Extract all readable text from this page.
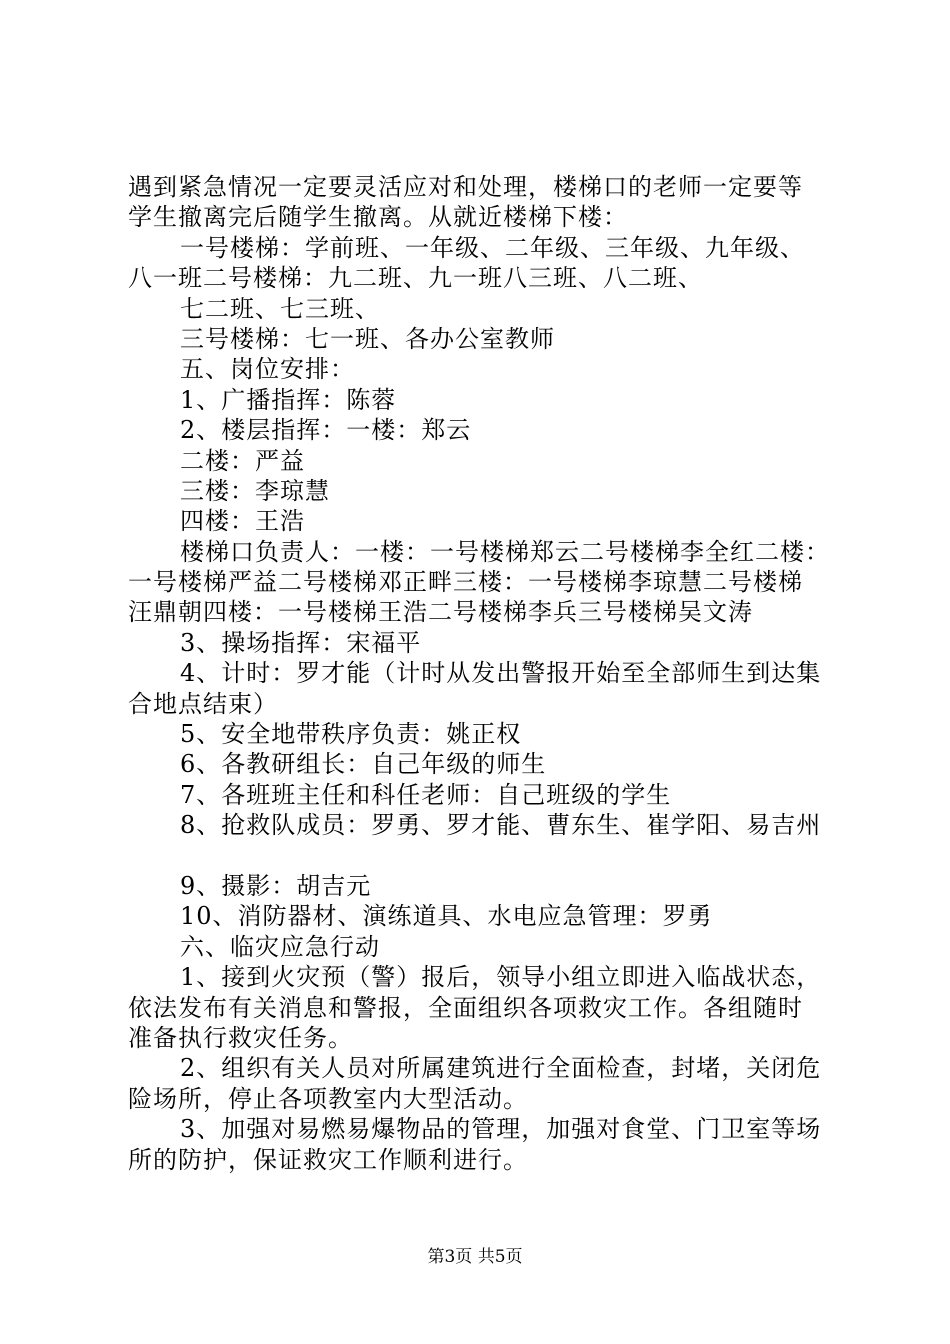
遇到紧急情况一定要灵活应对和处理，楼梯口的老师一定要等
学生撤离完后随学生撤离。从就近楼梯下楼：
一号楼梯：学前班、一年级、二年级、三年级、九年级、
八一班二号楼梯：九二班、九一班八三班、八二班、
七二班、七三班、
三号楼梯：七一班、各办公室教师
五、岗位安排：
1、广播指挥：陈蓉
2、楼层指挥：一楼：郑云
二楼：严益
三楼：李琼慧
四楼：王浩
楼梯口负责人：一楼：一号楼梯郑云二号楼梯李全红二楼：
一号楼梯严益二号楼梯邓正畔三楼：一号楼梯李琼慧二号楼梯
汪鼎朝四楼：一号楼梯王浩二号楼梯李兵三号楼梯吴文涛
3、操场指挥：宋福平
4、计时：罗才能（计时从发出警报开始至全部师生到达集
合地点结束）
5、安全地带秩序负责：姚正权
6、各教研组长：自己年级的师生
7、各班班主任和科任老师：自己班级的学生
8、抢救队成员：罗勇、罗才能、曹东生、崔学阳、易吉州
9、摄影：胡吉元
10、消防器材、演练道具、水电应急管理：罗勇
六、临灾应急行动
1、接到火灾预（警）报后，领导小组立即进入临战状态，
依法发布有关消息和警报，全面组织各项救灾工作。各组随时
准备执行救灾任务。
2、组织有关人员对所属建筑进行全面检查，封堵，关闭危
险场所，停止各项教室内大型活动。
3、加强对易燃易爆物品的管理，加强对食堂、门卫室等场
所的防护，保证救灾工作顺利进行。
第3页 共5页
